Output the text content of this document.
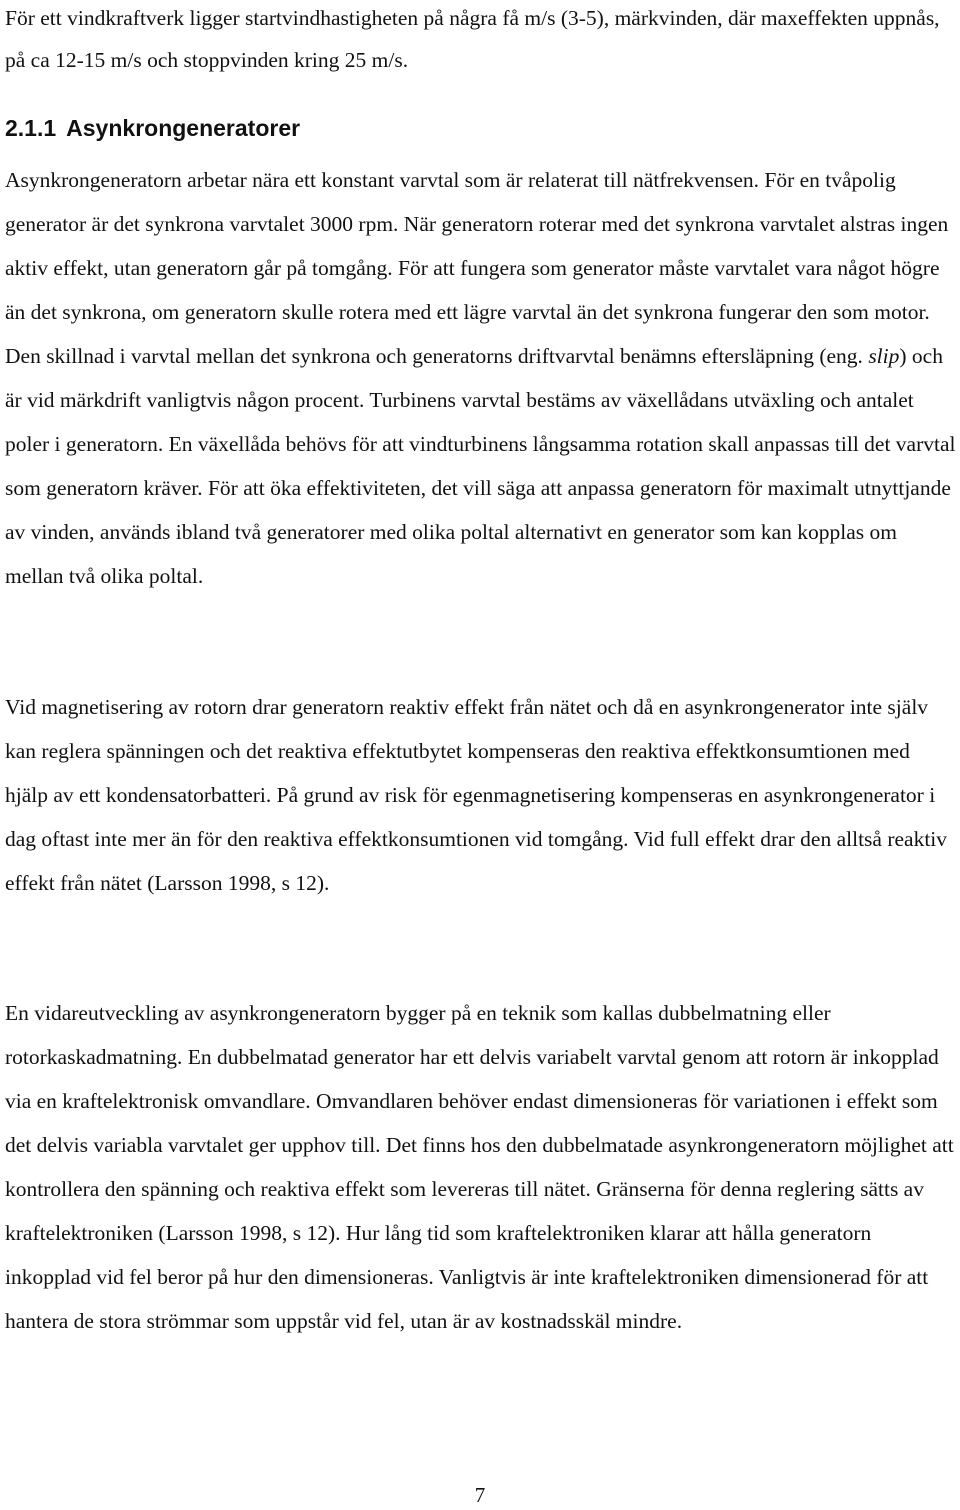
För ett vindkraftverk ligger startvindhastigheten på några få m/s (3-5), märkvinden, där maxeffekten uppnås, på ca 12-15 m/s och stoppvinden kring 25 m/s.

2.1.1 Asynkrongeneratorer

Asynkrongeneratorn arbetar nära ett konstant varvtal som är relaterat till nätfrekvensen. För en tvåpolig generator är det synkrona varvtalet 3000 rpm. När generatorn roterar med det synkrona varvtalet alstras ingen aktiv effekt, utan generatorn går på tomgång. För att fungera som generator måste varvtalet vara något högre än det synkrona, om generatorn skulle rotera med ett lägre varvtal än det synkrona fungerar den som motor. Den skillnad i varvtal mellan det synkrona och generatorns driftvarvtal benämns eftersläpning (eng. slip) och är vid märkdrift vanligtvis någon procent. Turbinens varvtal bestäms av växellådans utväxling och antalet poler i generatorn. En växellåda behövs för att vindturbinens långsamma rotation skall anpassas till det varvtal som generatorn kräver. För att öka effektiviteten, det vill säga att anpassa generatorn för maximalt utnyttjande av vinden, används ibland två generatorer med olika poltal alternativt en generator som kan kopplas om mellan två olika poltal.

Vid magnetisering av rotorn drar generatorn reaktiv effekt från nätet och då en asynkrongenerator inte själv kan reglera spänningen och det reaktiva effektutbytet kompenseras den reaktiva effektkonsumtionen med hjälp av ett kondensatorbatteri. På grund av risk för egenmagnetisering kompenseras en asynkrongenerator i dag oftast inte mer än för den reaktiva effektkonsumtionen vid tomgång. Vid full effekt drar den alltså reaktiv effekt från nätet (Larsson 1998, s 12).

En vidareutveckling av asynkrongeneratorn bygger på en teknik som kallas dubbelmatning eller rotorkaskadmatning. En dubbelmatad generator har ett delvis variabelt varvtal genom att rotorn är inkopplad via en kraftelektronisk omvandlare. Omvandlaren behöver endast dimensioneras för variationen i effekt som det delvis variabla varvtalet ger upphov till. Det finns hos den dubbelmatade asynkrongeneratorn möjlighet att kontrollera den spänning och reaktiva effekt som levereras till nätet. Gränserna för denna reglering sätts av kraftelektroniken (Larsson 1998, s 12). Hur lång tid som kraftelektroniken klarar att hålla generatorn inkopplad vid fel beror på hur den dimensioneras. Vanligtvis är inte kraftelektroniken dimensionerad för att hantera de stora strömmar som uppstår vid fel, utan är av kostnadsskäl mindre.

7
